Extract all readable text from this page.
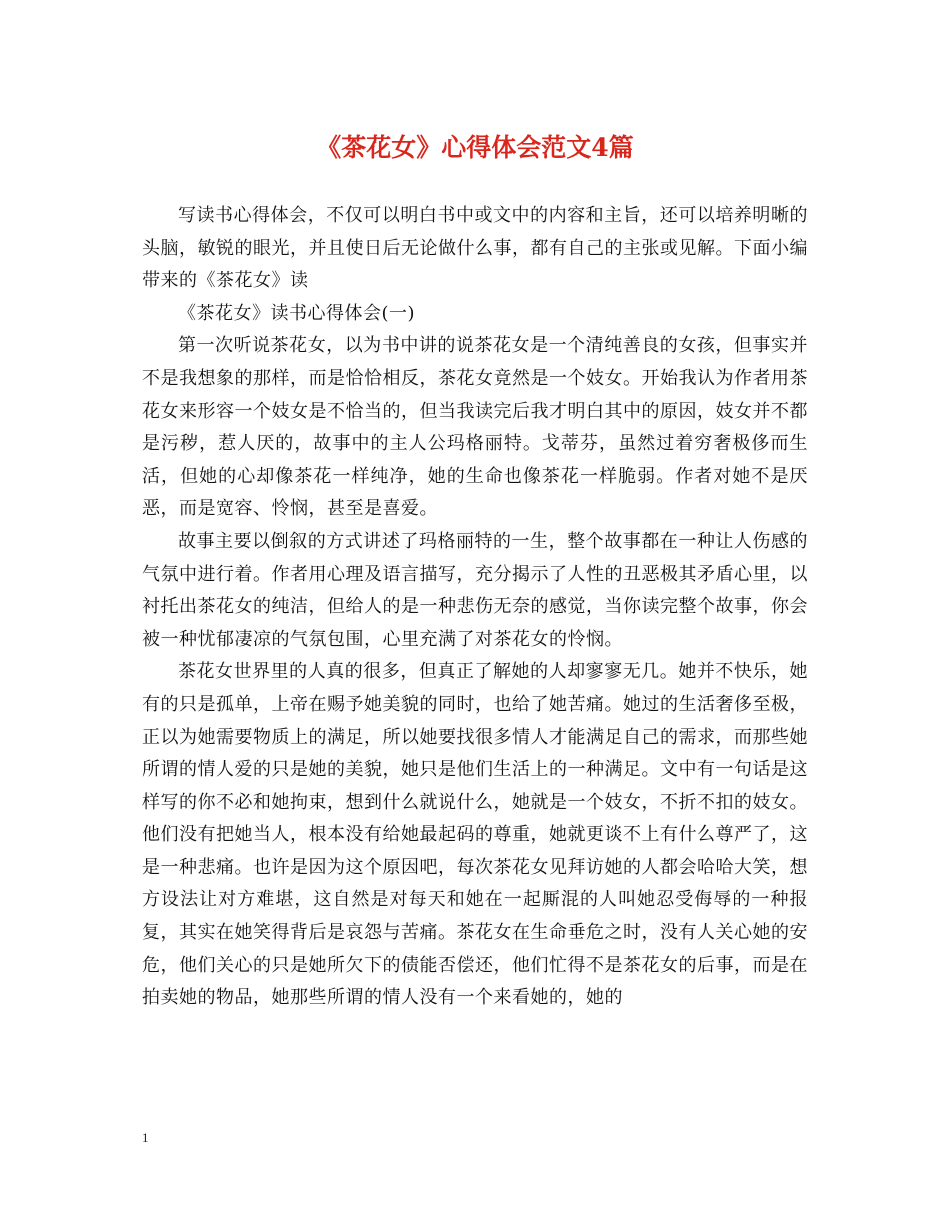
《茶花女》心得体会范文4篇

写读书心得体会，不仅可以明白书中或文中的内容和主旨，还可以培养明晰的头脑，敏锐的眼光，并且使日后无论做什么事，都有自己的主张或见解。下面小编带来的《茶花女》读

《茶花女》读书心得体会(一)

第一次听说茶花女，以为书中讲的说茶花女是一个清纯善良的女孩，但事实并不是我想象的那样，而是恰恰相反，茶花女竟然是一个妓女。开始我认为作者用茶花女来形容一个妓女是不恰当的，但当我读完后我才明白其中的原因，妓女并不都是污秽，惹人厌的，故事中的主人公玛格丽特。戈蒂芬，虽然过着穷奢极侈而生活，但她的心却像茶花一样纯净，她的生命也像茶花一样脆弱。作者对她不是厌恶，而是宽容、怜悯，甚至是喜爱。

故事主要以倒叙的方式讲述了玛格丽特的一生，整个故事都在一种让人伤感的气氛中进行着。作者用心理及语言描写，充分揭示了人性的丑恶极其矛盾心里，以衬托出茶花女的纯洁，但给人的是一种悲伤无奈的感觉，当你读完整个故事，你会被一种忧郁凄凉的气氛包围，心里充满了对茶花女的怜悯。

茶花女世界里的人真的很多，但真正了解她的人却寥寥无几。她并不快乐，她有的只是孤单，上帝在赐予她美貌的同时，也给了她苦痛。她过的生活奢侈至极，正以为她需要物质上的满足，所以她要找很多情人才能满足自己的需求，而那些她所谓的情人爱的只是她的美貌，她只是他们生活上的一种满足。文中有一句话是这样写的你不必和她拘束，想到什么就说什么，她就是一个妓女，不折不扣的妓女。他们没有把她当人，根本没有给她最起码的尊重，她就更谈不上有什么尊严了，这是一种悲痛。也许是因为这个原因吧，每次茶花女见拜访她的人都会哈哈大笑，想方设法让对方难堪，这自然是对每天和她在一起厮混的人叫她忍受侮辱的一种报复，其实在她笑得背后是哀怨与苦痛。茶花女在生命垂危之时，没有人关心她的安危，他们关心的只是她所欠下的债能否偿还，他们忙得不是茶花女的后事，而是在拍卖她的物品，她那些所谓的情人没有一个来看她的，她的

1
